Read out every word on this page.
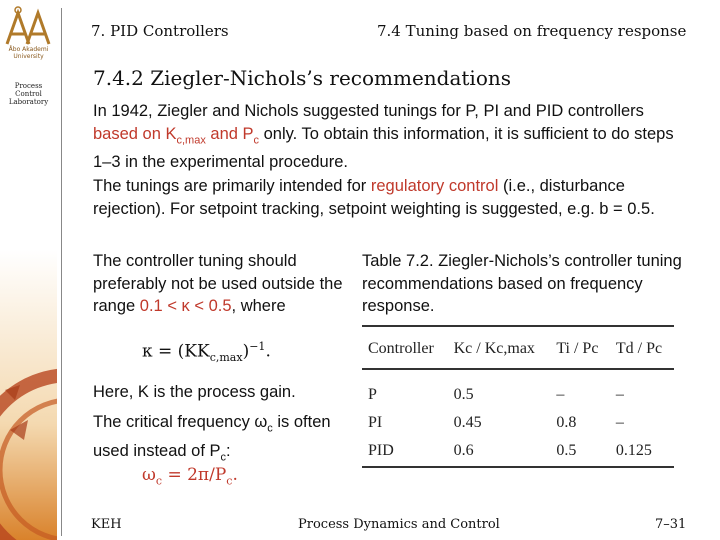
Åbo Akademi University
Process
Control
Laboratory
7. PID Controllers	7.4 Tuning based on frequency response
7.4.2 Ziegler-Nichols’s recommendations
In 1942, Ziegler and Nichols suggested tunings for P, PI and PID controllers based on $K_{c,max}$ and $P_c$ only. To obtain this information, it is sufficient to do steps 1–3 in the experimental procedure.
The tunings are primarily intended for regulatory control (i.e., disturbance rejection). For setpoint tracking, setpoint weighting is suggested, e.g. b = 0.5.
The controller tuning should preferably not be used outside the range 0.1 < κ < 0.5, where
$\kappa = (KK_{c,max})^{-1}$.
Here, K is the process gain.
The critical frequency $\omega_c$ is often used instead of $P_c$:
$\omega_c = 2\pi/P_c$.
Table 7.2. Ziegler-Nichols’s controller tuning recommendations based on frequency response.
Controller	Kc / Kc,max	Ti / Pc	Td / Pc
P	0.5	–	–
PI	0.45	0.8	–
PID	0.6	0.5	0.125
KEH	Process Dynamics and Control	7–31
